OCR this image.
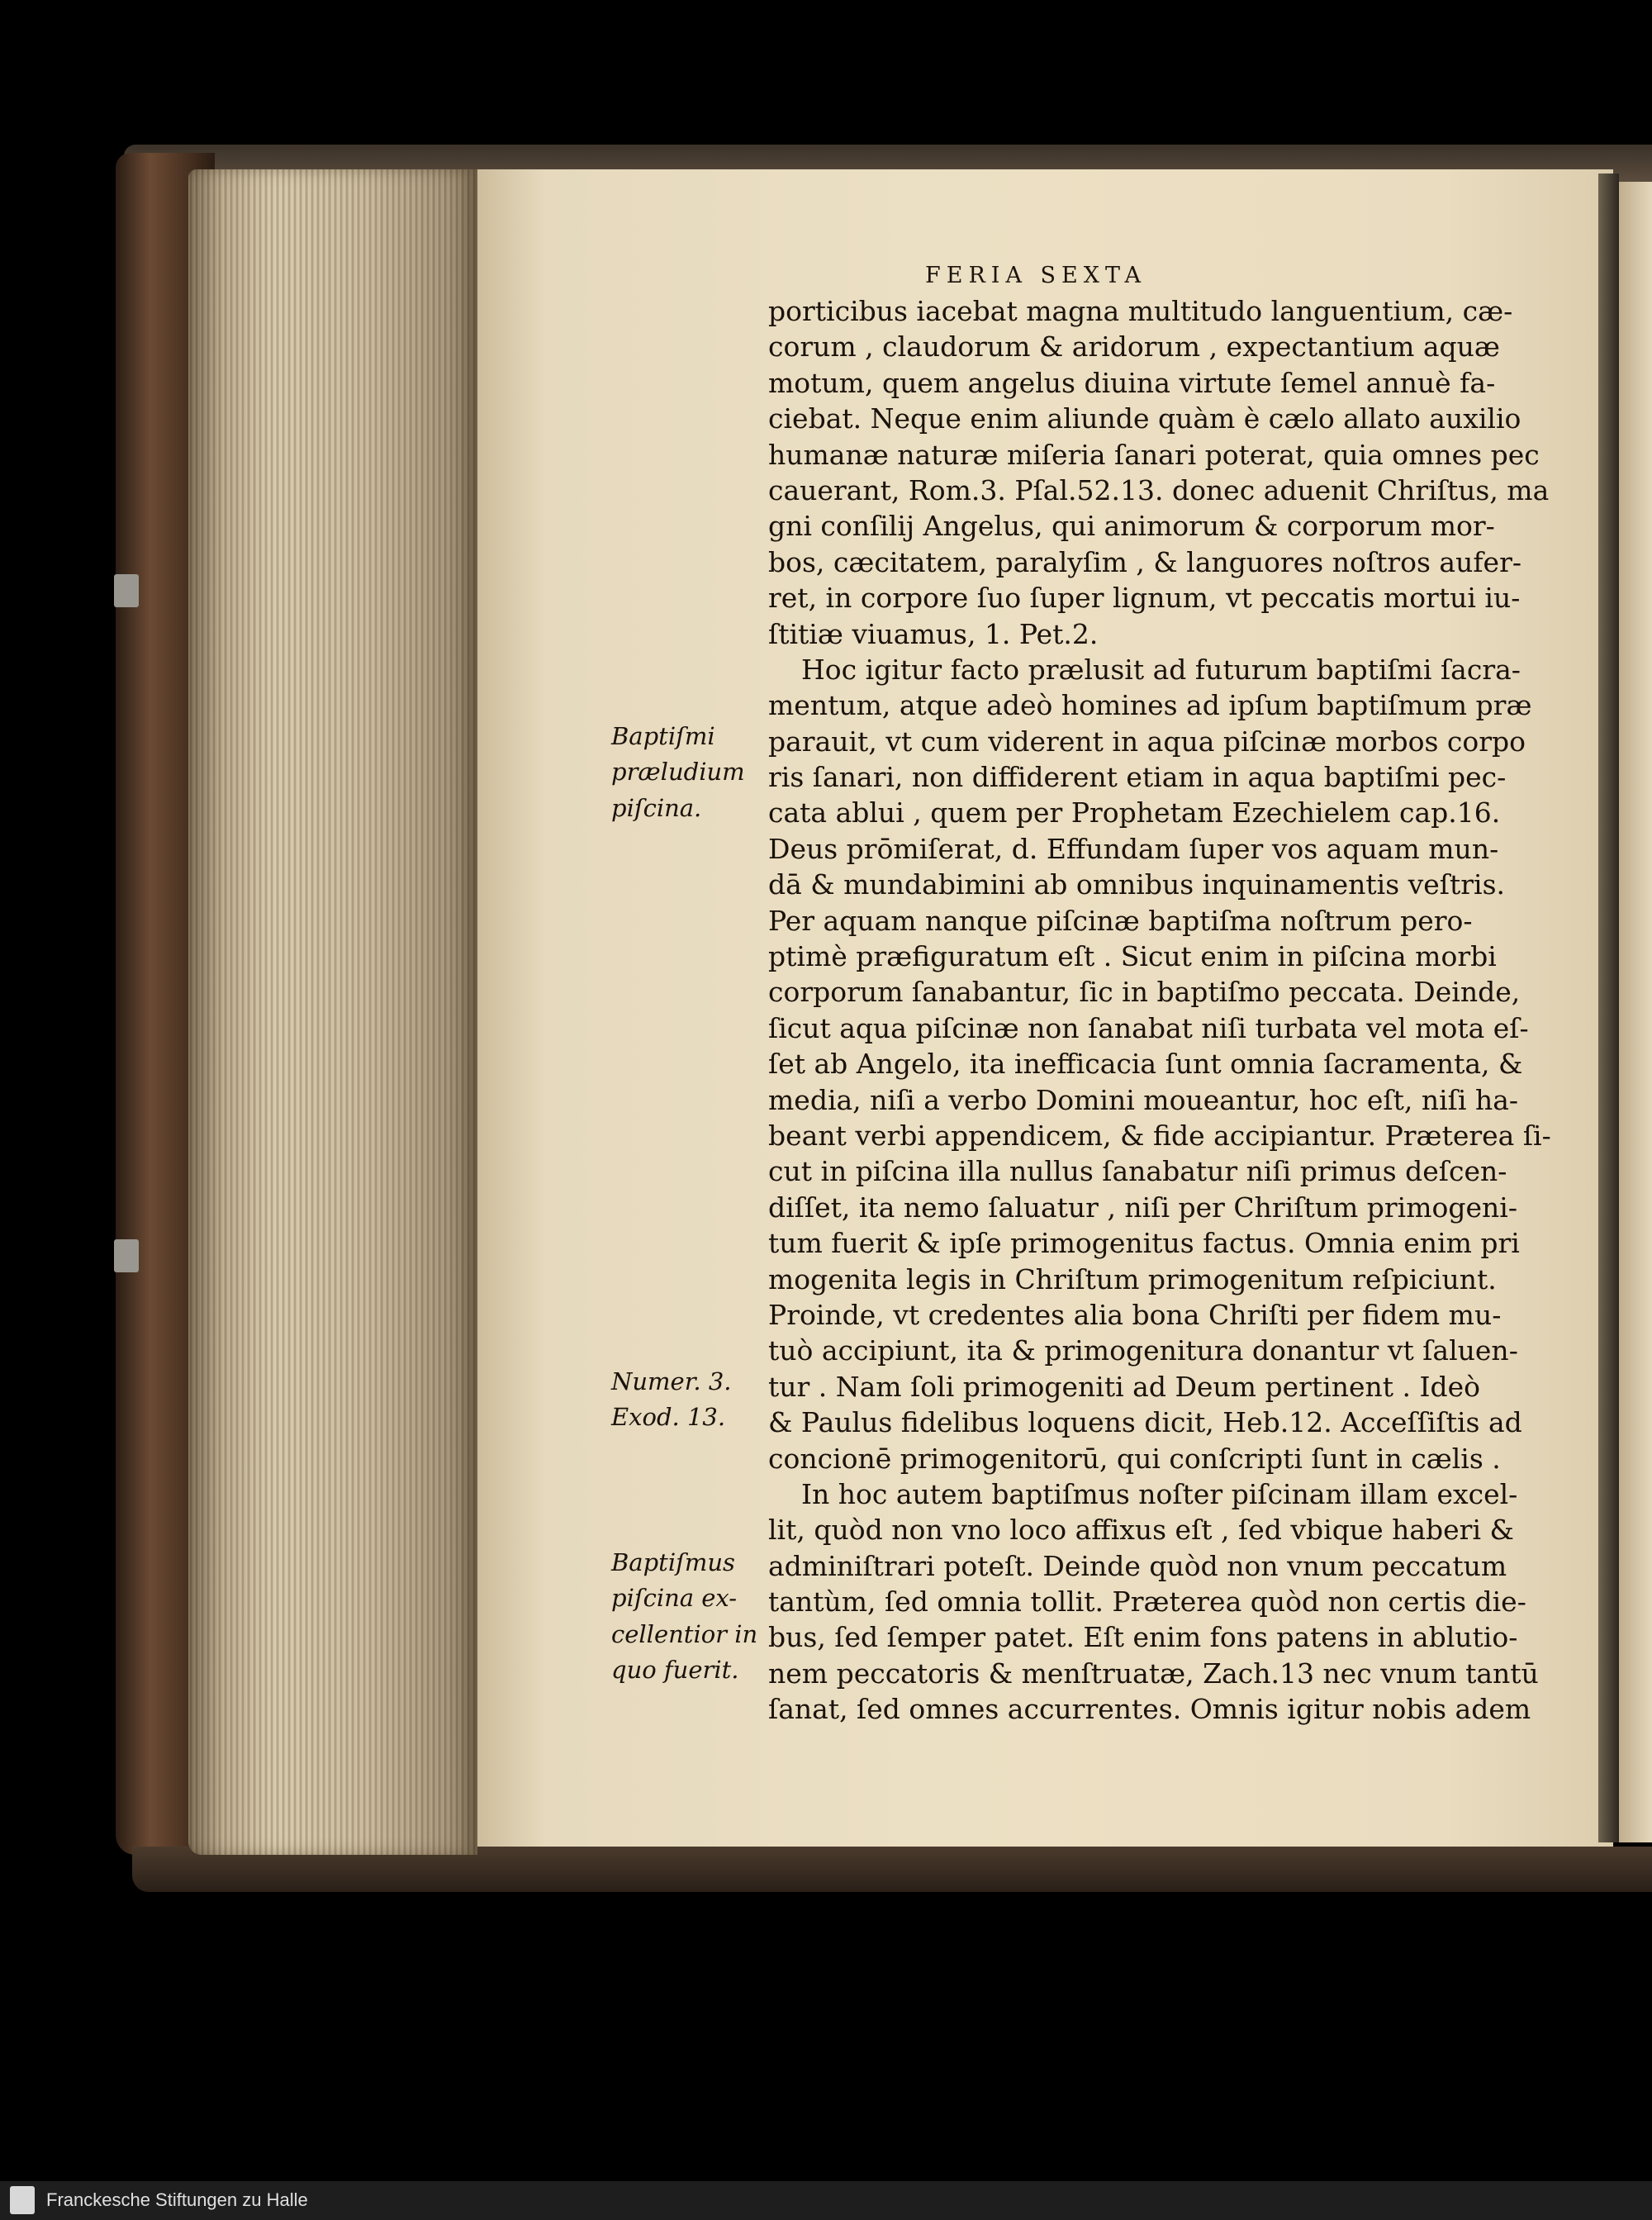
FERIA SEXTA
porticibus iacebat magna multitudo languentium, cæ-
corum , claudorum & aridorum , expectantium aquæ
motum, quem angelus diuina virtute ſemel annuè fa-
ciebat. Neque enim aliunde quàm è cælo allato auxilio
humanæ naturæ miſeria ſanari poterat, quia omnes pec
cauerant, Rom.3. Pſal.52.13. donec aduenit Chriſtus, ma
gni conſilij Angelus, qui animorum & corporum mor-
bos, cæcitatem, paralyſim , & languores noſtros aufer-
ret, in corpore ſuo ſuper lignum, vt peccatis mortui iu-
ſtitiæ viuamus, 1. Pet.2.
Hoc igitur facto prælusit ad futurum baptiſmi ſacra-
mentum, atque adeò homines ad ipſum baptiſmum præ
parauit, vt cum viderent in aqua piſcinæ morbos corpo
ris ſanari, non diffiderent etiam in aqua baptiſmi pec-
cata ablui , quem per Prophetam Ezechielem cap.16.
Deus prōmiſerat, d. Effundam ſuper vos aquam mun-
dā & mundabimini ab omnibus inquinamentis veſtris.
Per aquam nanque piſcinæ baptiſma noſtrum pero-
ptimè præfiguratum eſt . Sicut enim in piſcina morbi
corporum ſanabantur, ſic in baptiſmo peccata. Deinde,
ſicut aqua piſcinæ non ſanabat niſi turbata vel mota eſ-
ſet ab Angelo, ita inefficacia ſunt omnia ſacramenta, &
media, niſi a verbo Domini moueantur, hoc eſt, niſi ha-
beant verbi appendicem, & fide accipiantur. Præterea ſi-
cut in piſcina illa nullus ſanabatur niſi primus deſcen-
diſſet, ita nemo ſaluatur , niſi per Chriſtum primogeni-
tum fuerit & ipſe primogenitus factus. Omnia enim pri
mogenita legis in Chriſtum primogenitum reſpiciunt.
Proinde, vt credentes alia bona Chriſti per fidem mu-
tuò accipiunt, ita & primogenitura donantur vt ſaluen-
tur . Nam ſoli primogeniti ad Deum pertinent . Ideò
& Paulus fidelibus loquens dicit, Heb.12. Acceſſiſtis ad
concionē primogenitorū, qui conſcripti ſunt in cælis .
In hoc autem baptiſmus noſter piſcinam illam excel-
lit, quòd non vno loco affixus eſt , ſed vbique haberi &
adminiſtrari poteſt. Deinde quòd non vnum peccatum
tantùm, ſed omnia tollit. Præterea quòd non certis die-
bus, ſed ſemper patet. Eſt enim fons patens in ablutio-
nem peccatoris & menſtruatæ, Zach.13 nec vnum tantū
ſanat, ſed omnes accurrentes. Omnis igitur nobis adem
Baptiſmi
præludium
piſcina.
Numer. 3.
Exod. 13.
Baptiſmus
piſcina ex-
cellentior in
quo fuerit.
Franckesche Stiftungen zu Halle
